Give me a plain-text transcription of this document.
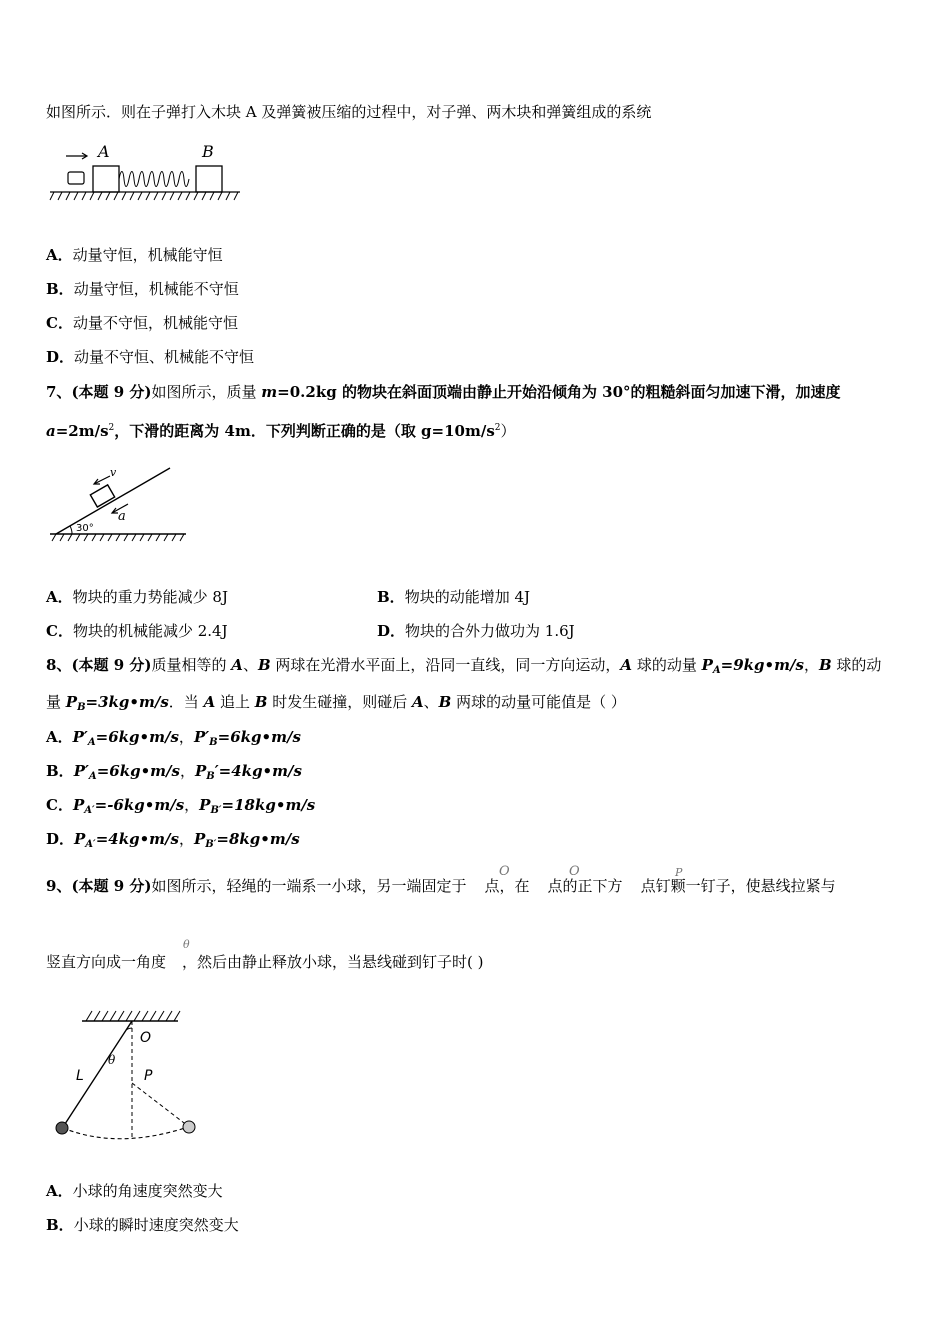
如图所示．则在子弹打入木块 A 及弹簧被压缩的过程中，对子弹、两木块和弹簧组成的系统
A	B
A．动量守恒，机械能守恒
B．动量守恒，机械能不守恒
C．动量不守恒，机械能守恒
D．动量不守恒、机械能不守恒
7、(本题 9 分)如图所示，质量 m=0.2kg 的物块在斜面顶端由静止开始沿倾角为 30°的粗糙斜面匀加速下滑，加速度
$a=2m/s^2$，下滑的距离为 4m．下列判断正确的是（取 $g=10m/s^2$）
v
a
30°
A．物块的重力势能减少 8J	B．物块的动能增加 4J
C．物块的机械能减少 2.4J	D．物块的合外力做功为 1.6J
8、(本题 9 分)质量相等的 A、B 两球在光滑水平面上，沿同一直线，同一方向运动，A 球的动量 $P_A=9kg•m/s$，B 球的动
量 $P_B=3kg•m/s$．当 A 追上 B 时发生碰撞，则碰后 A、B 两球的动量可能值是（ ）
A．$P'_A=6kg•m/s$，$P'_B=6kg•m/s$
B．$P'_A=6kg•m/s$，$P_B'=4kg•m/s$
C．$P_{A'}=-6kg•m/s$，$P_{B'}=18kg•m/s$
D．$P_{A'}=4kg•m/s$，$P_{B'}=8kg•m/s$
9、(本题 9 分)如图所示，轻绳的一端系一小球，另一端固定于 点，在 点的正下方 点钉颗一钉子，使悬线拉紧与
O	O	P
竖直方向成一角度 ，然后由静止释放小球，当悬线碰到钉子时( )
θ
O
P
L
θ
A．小球的角速度突然变大
B．小球的瞬时速度突然变大
